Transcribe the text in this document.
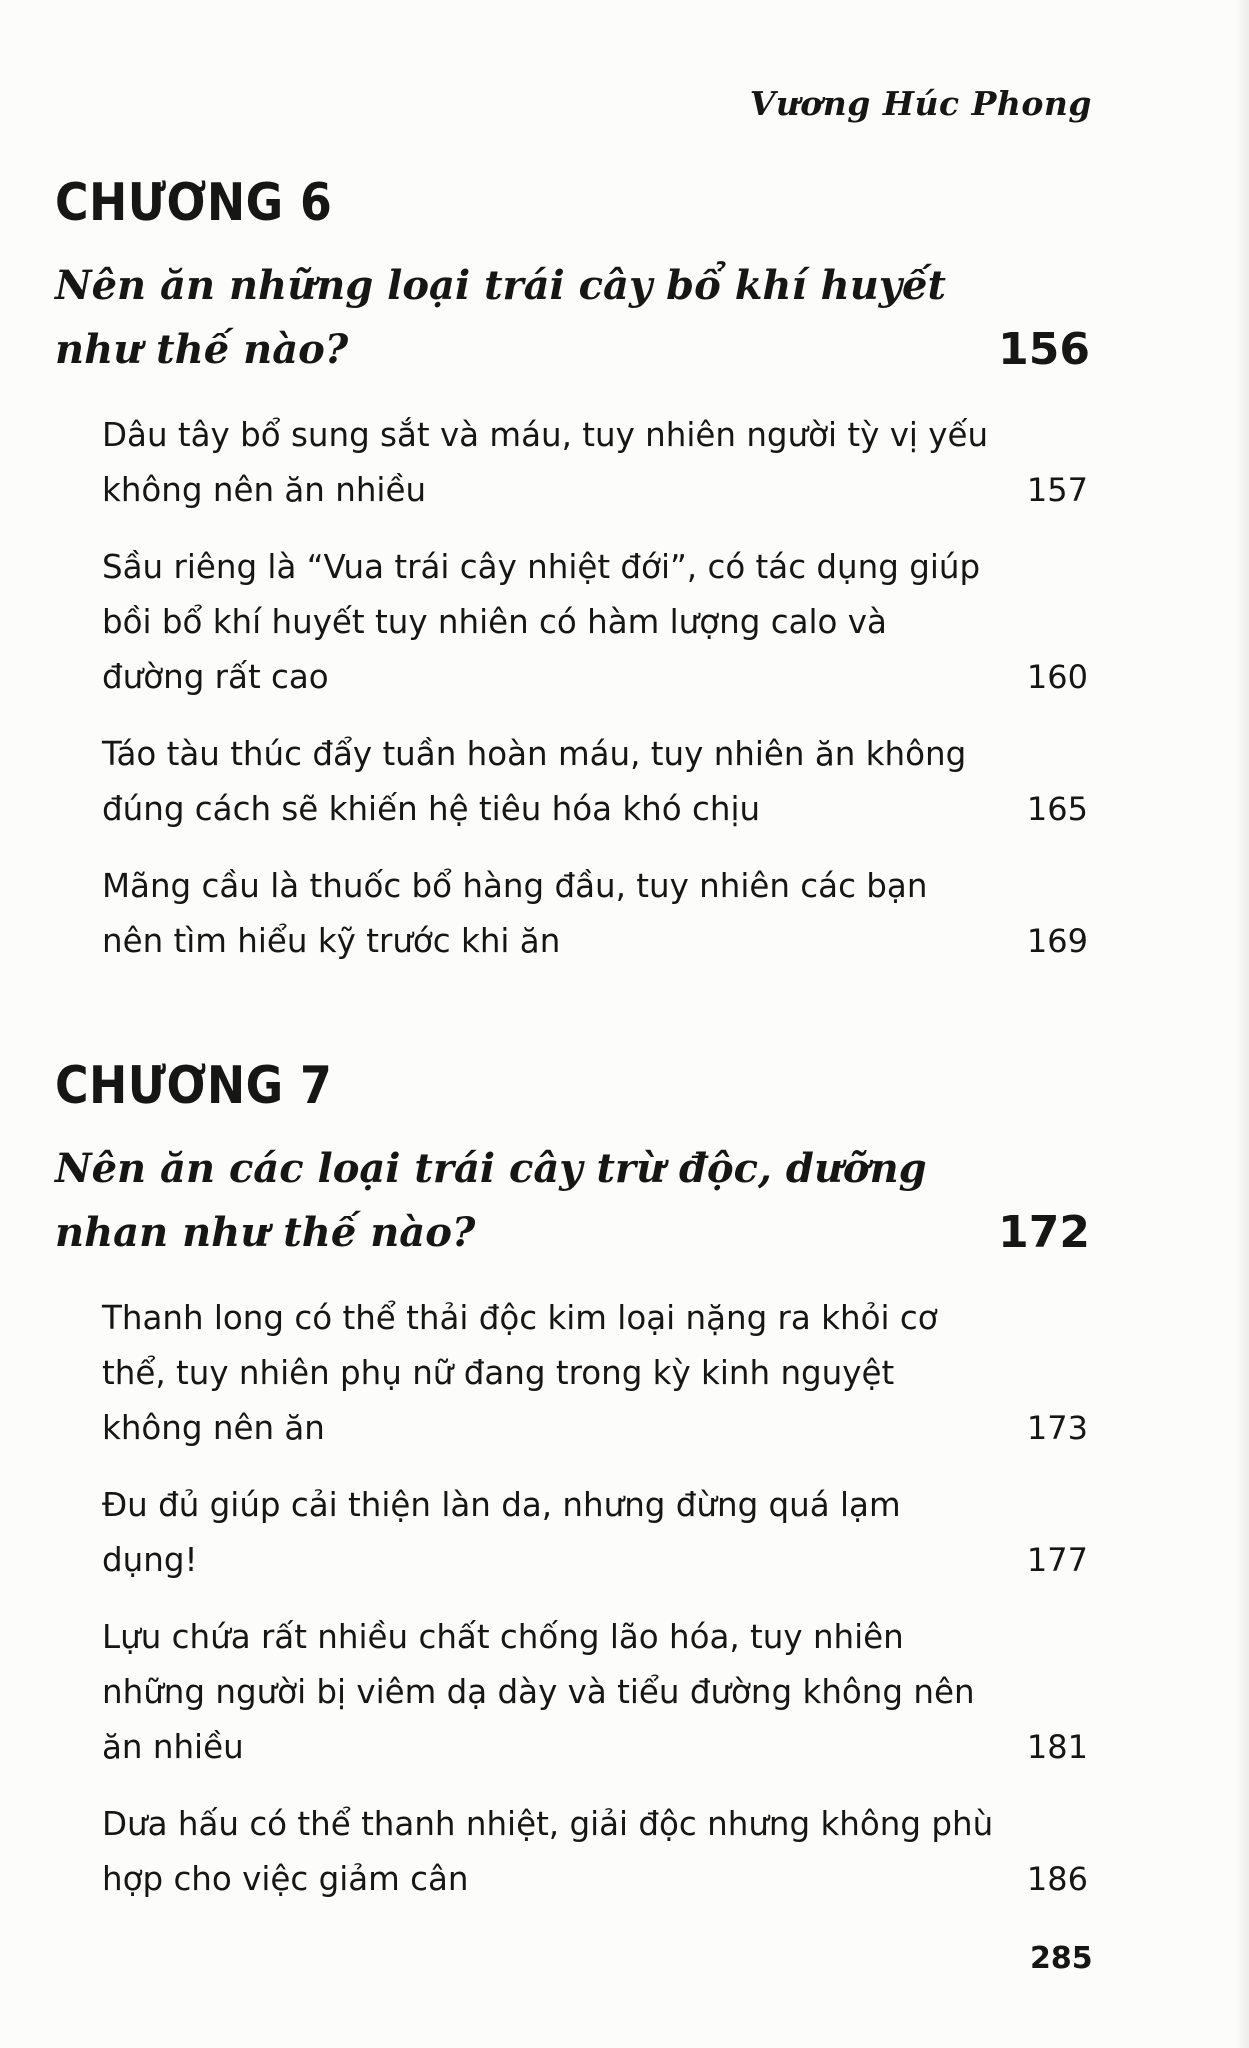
Vương Húc Phong
CHƯƠNG 6
Nên ăn những loại trái cây bổ khí huyết như thế nào?	156
Dâu tây bổ sung sắt và máu, tuy nhiên người tỳ vị yếu không nên ăn nhiều	157
Sầu riêng là “Vua trái cây nhiệt đới”, có tác dụng giúp bồi bổ khí huyết tuy nhiên có hàm lượng calo và đường rất cao	160
Táo tàu thúc đẩy tuần hoàn máu, tuy nhiên ăn không đúng cách sẽ khiến hệ tiêu hóa khó chịu	165
Mãng cầu là thuốc bổ hàng đầu, tuy nhiên các bạn nên tìm hiểu kỹ trước khi ăn	169
CHƯƠNG 7
Nên ăn các loại trái cây trừ độc, dưỡng nhan như thế nào?	172
Thanh long có thể thải độc kim loại nặng ra khỏi cơ thể, tuy nhiên phụ nữ đang trong kỳ kinh nguyệt không nên ăn	173
Đu đủ giúp cải thiện làn da, nhưng đừng quá lạm dụng!	177
Lựu chứa rất nhiều chất chống lão hóa, tuy nhiên những người bị viêm dạ dày và tiểu đường không nên ăn nhiều	181
Dưa hấu có thể thanh nhiệt, giải độc nhưng không phù hợp cho việc giảm cân	186
285
